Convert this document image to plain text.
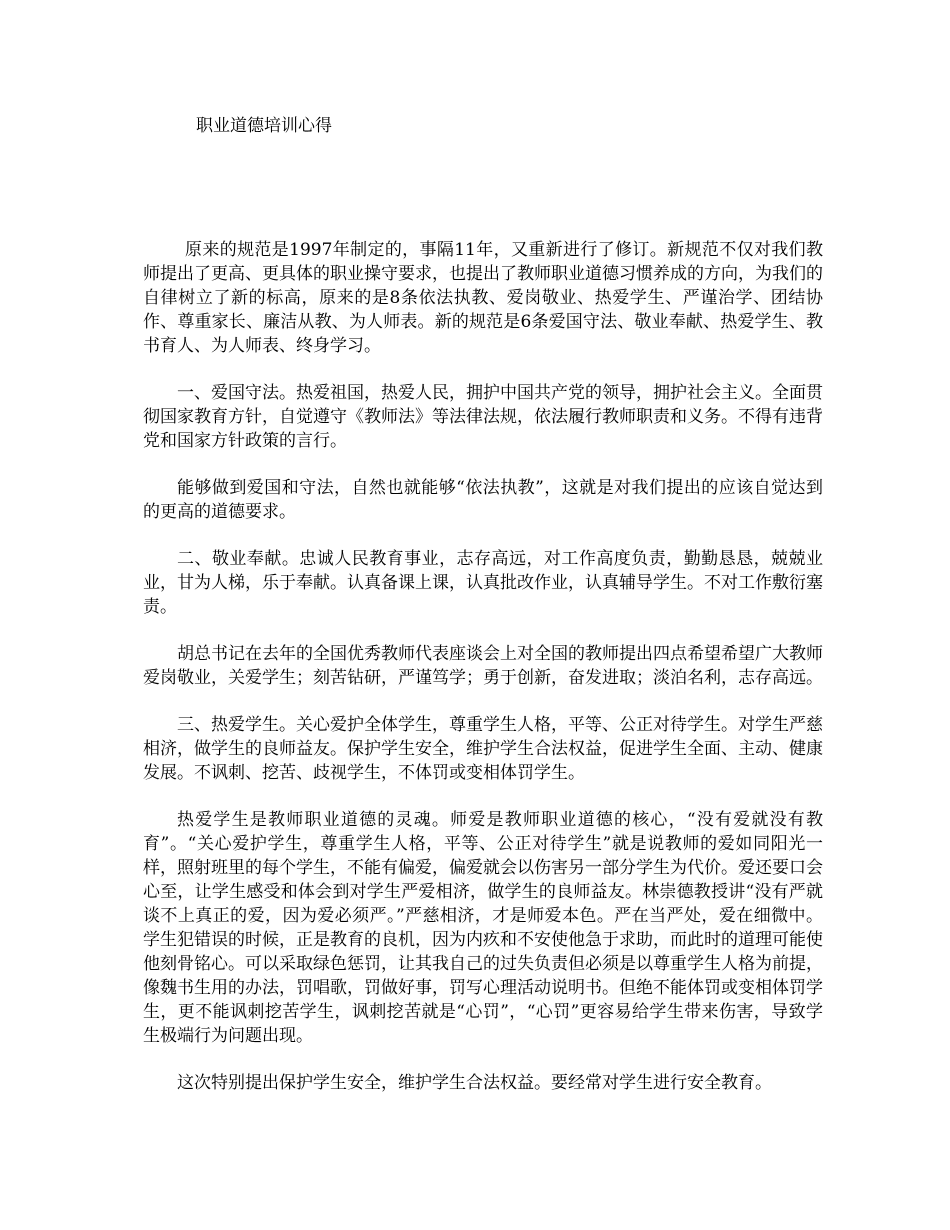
职业道德培训心得

原来的规范是1997年制定的，事隔11年，又重新进行了修订。新规范不仅对我们教师提出了更高、更具体的职业操守要求，也提出了教师职业道德习惯养成的方向，为我们的自律树立了新的标高，原来的是8条依法执教、爱岗敬业、热爱学生、严谨治学、团结协作、尊重家长、廉洁从教、为人师表。新的规范是6条爱国守法、敬业奉献、热爱学生、教书育人、为人师表、终身学习。

一、爱国守法。热爱祖国，热爱人民，拥护中国共产党的领导，拥护社会主义。全面贯彻国家教育方针，自觉遵守《教师法》等法律法规，依法履行教师职责和义务。不得有违背党和国家方针政策的言行。

能够做到爱国和守法，自然也就能够“依法执教”，这就是对我们提出的应该自觉达到的更高的道德要求。

二、敬业奉献。忠诚人民教育事业，志存高远，对工作高度负责，勤勤恳恳，兢兢业业，甘为人梯，乐于奉献。认真备课上课，认真批改作业，认真辅导学生。不对工作敷衍塞责。

胡总书记在去年的全国优秀教师代表座谈会上对全国的教师提出四点希望希望广大教师爱岗敬业，关爱学生；刻苦钻研，严谨笃学；勇于创新，奋发进取；淡泊名利，志存高远。

三、热爱学生。关心爱护全体学生，尊重学生人格，平等、公正对待学生。对学生严慈相济，做学生的良师益友。保护学生安全，维护学生合法权益，促进学生全面、主动、健康发展。不讽刺、挖苦、歧视学生，不体罚或变相体罚学生。

热爱学生是教师职业道德的灵魂。师爱是教师职业道德的核心，“没有爱就没有教育”。“关心爱护学生，尊重学生人格，平等、公正对待学生”就是说教师的爱如同阳光一样，照射班里的每个学生，不能有偏爱，偏爱就会以伤害另一部分学生为代价。爱还要口会心至，让学生感受和体会到对学生严爱相济，做学生的良师益友。林崇德教授讲“没有严就谈不上真正的爱，因为爱必须严。”严慈相济，才是师爱本色。严在当严处，爱在细微中。学生犯错误的时候，正是教育的良机，因为内疚和不安使他急于求助，而此时的道理可能使他刻骨铭心。可以采取绿色惩罚，让其我自己的过失负责但必须是以尊重学生人格为前提，像魏书生用的办法，罚唱歌，罚做好事，罚写心理活动说明书。但绝不能体罚或变相体罚学生，更不能讽刺挖苦学生，讽刺挖苦就是“心罚”，“心罚”更容易给学生带来伤害，导致学生极端行为问题出现。

这次特别提出保护学生安全，维护学生合法权益。要经常对学生进行安全教育。
